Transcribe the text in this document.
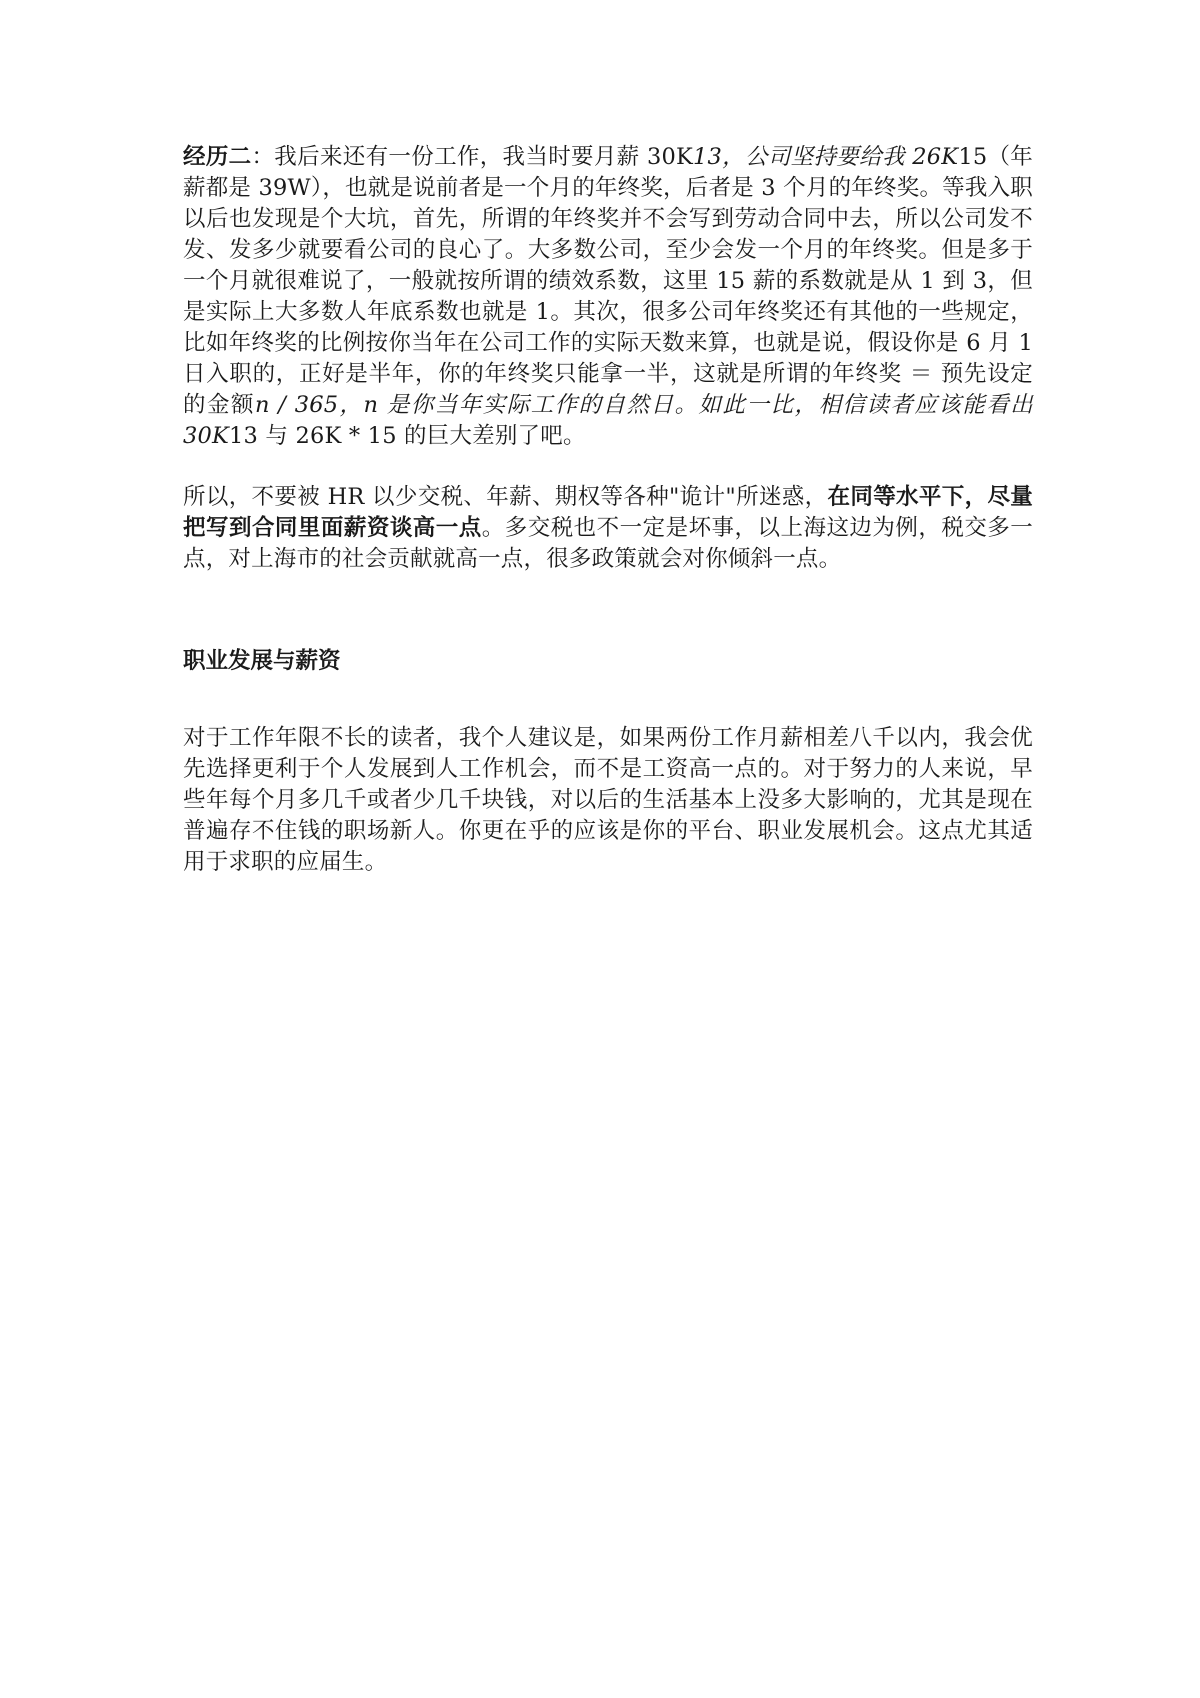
经历二：我后来还有一份工作，我当时要月薪 30K13，公司坚持要给我 26K15（年薪都是 39W），也就是说前者是一个月的年终奖，后者是 3 个月的年终奖。等我入职以后也发现是个大坑，首先，所谓的年终奖并不会写到劳动合同中去，所以公司发不发、发多少就要看公司的良心了。大多数公司，至少会发一个月的年终奖。但是多于一个月就很难说了，一般就按所谓的绩效系数，这里 15 薪的系数就是从 1 到 3，但是实际上大多数人年底系数也就是 1。其次，很多公司年终奖还有其他的一些规定，比如年终奖的比例按你当年在公司工作的实际天数来算，也就是说，假设你是 6 月 1 日入职的，正好是半年，你的年终奖只能拿一半，这就是所谓的年终奖 ＝ 预先设定的金额n / 365，n 是你当年实际工作的自然日。如此一比，相信读者应该能看出 30K13 与 26K * 15 的巨大差别了吧。

所以，不要被 HR 以少交税、年薪、期权等各种"诡计"所迷惑，在同等水平下，尽量把写到合同里面薪资谈高一点。多交税也不一定是坏事，以上海这边为例，税交多一点，对上海市的社会贡献就高一点，很多政策就会对你倾斜一点。

职业发展与薪资

对于工作年限不长的读者，我个人建议是，如果两份工作月薪相差八千以内，我会优先选择更利于个人发展到人工作机会，而不是工资高一点的。对于努力的人来说，早些年每个月多几千或者少几千块钱，对以后的生活基本上没多大影响的，尤其是现在普遍存不住钱的职场新人。你更在乎的应该是你的平台、职业发展机会。这点尤其适用于求职的应届生。
